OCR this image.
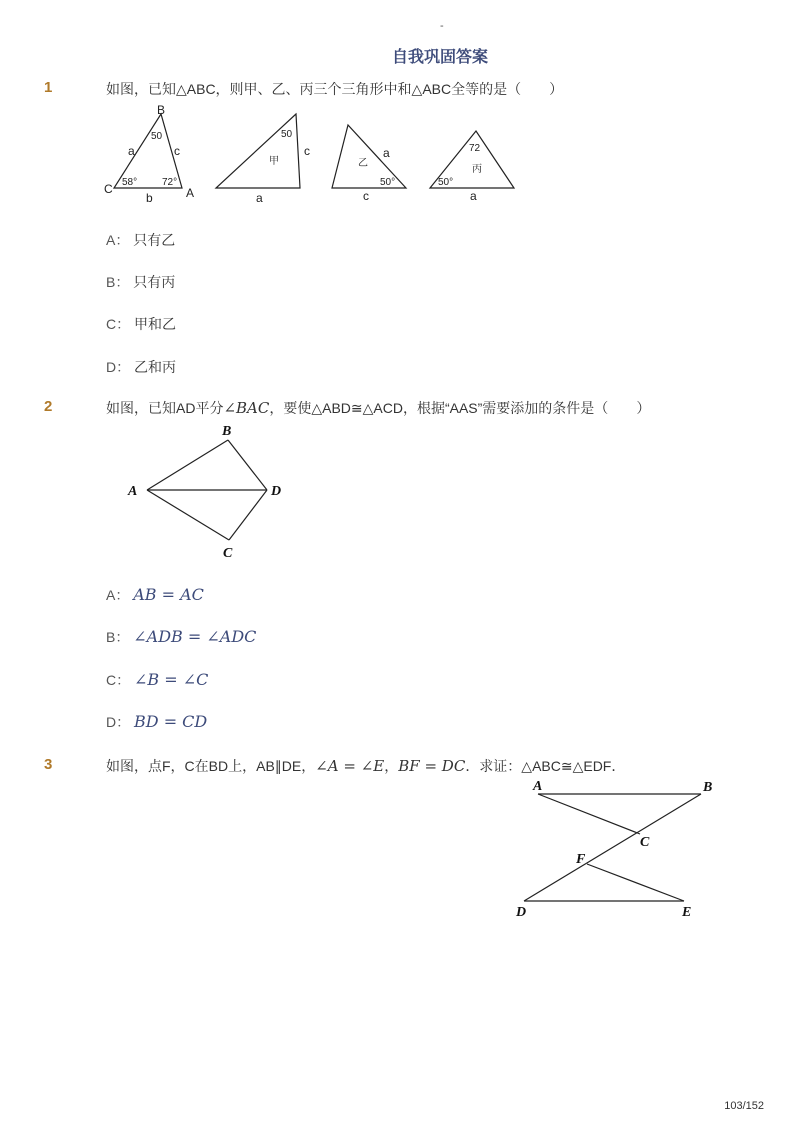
-
自我巩固答案
1	如图，已知△ABC，则甲、乙、丙三个三角形中和△ABC全等的是（ ）
B
C	A
a
b
c
50
58° 72°
50
甲
c
a
乙
a
50°
c
72
丙
50°
a
A： 只有乙
B： 只有丙
C： 甲和乙
D： 乙和丙
2	如图，已知AD平分∠BAC，要使△ABD≅△ACD，根据“AAS”需要添加的条件是（ ）
B
A	D
C
A： AB = AC
B： ∠ADB = ∠ADC
C： ∠B = ∠C
D： BD = CD
3	如图，点F，C在BD上，AB∥DE，∠A = ∠E，BF = DC．求证：△ABC≅△EDF．
A	B
C
F
D	E
103/152
